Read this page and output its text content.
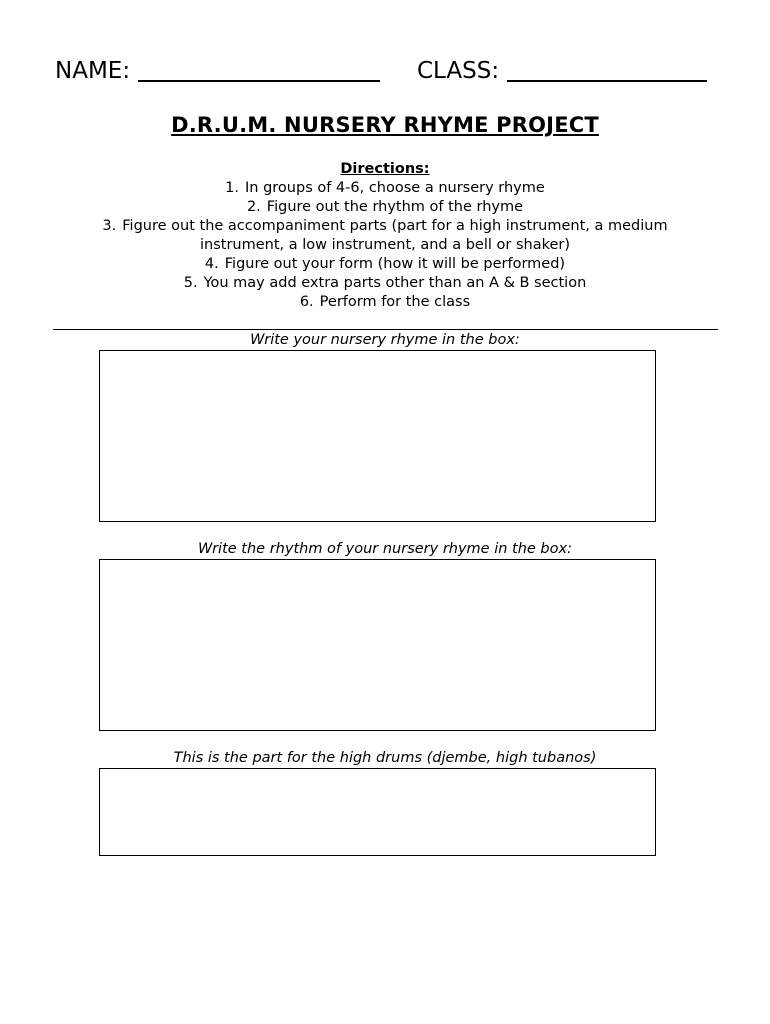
NAME:	CLASS:
D.R.U.M. NURSERY RHYME PROJECT
Directions:
1. In groups of 4-6, choose a nursery rhyme
2. Figure out the rhythm of the rhyme
3. Figure out the accompaniment parts (part for a high instrument, a medium instrument, a low instrument, and a bell or shaker)
4. Figure out your form (how it will be performed)
5. You may add extra parts other than an A & B section
6. Perform for the class
Write your nursery rhyme in the box:
Write the rhythm of your nursery rhyme in the box:
This is the part for the high drums (djembe, high tubanos)
